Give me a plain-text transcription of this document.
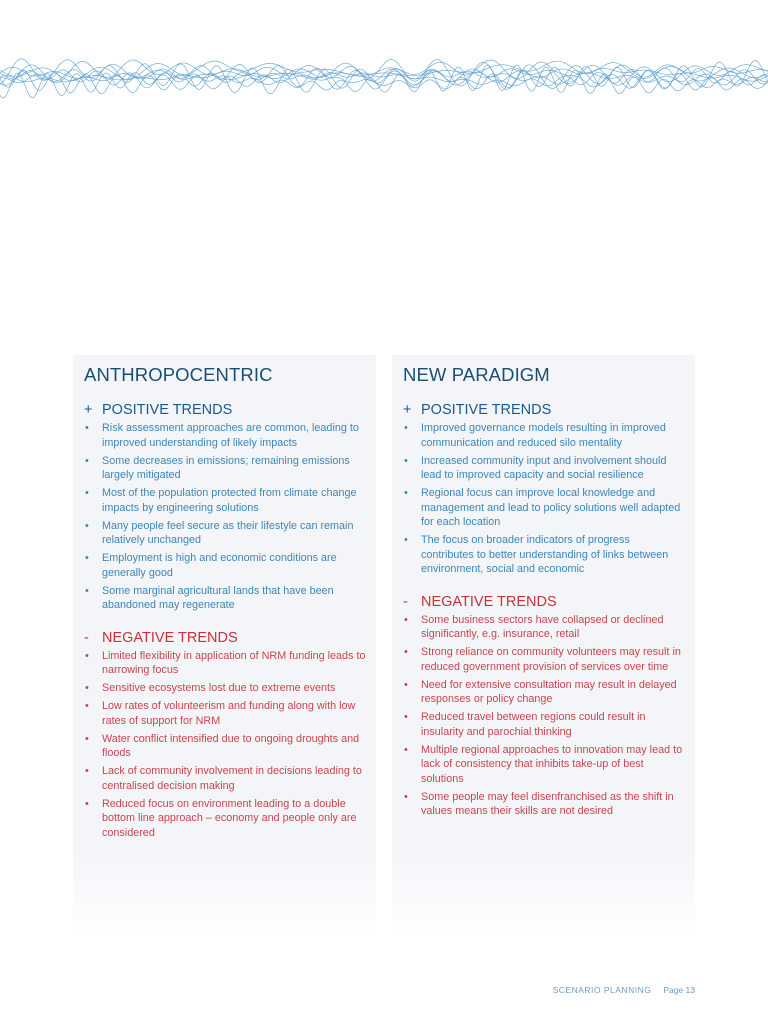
ANTHROPOCENTRIC
+ POSITIVE TRENDS
• Risk assessment approaches are common, leading to improved understanding of likely impacts
• Some decreases in emissions; remaining emissions largely mitigated
• Most of the population protected from climate change impacts by engineering solutions
• Many people feel secure as their lifestyle can remain relatively unchanged
• Employment is high and economic conditions are generally good
• Some marginal agricultural lands that have been abandoned may regenerate
- NEGATIVE TRENDS
• Limited flexibility in application of NRM funding leads to narrowing focus
• Sensitive ecosystems lost due to extreme events
• Low rates of volunteerism and funding along with low rates of support for NRM
• Water conflict intensified due to ongoing droughts and floods
• Lack of community involvement in decisions leading to centralised decision making
• Reduced focus on environment leading to a double bottom line approach – economy and people only are considered
NEW PARADIGM
+ POSITIVE TRENDS
• Improved governance models resulting in improved communication and reduced silo mentality
• Increased community input and involvement should lead to improved capacity and social resilience
• Regional focus can improve local knowledge and management and lead to policy solutions well adapted for each location
• The focus on broader indicators of progress contributes to better understanding of links between environment, social and economic
- NEGATIVE TRENDS
• Some business sectors have collapsed or declined significantly, e.g. insurance, retail
• Strong reliance on community volunteers may result in reduced government provision of services over time
• Need for extensive consultation may result in delayed responses or policy change
• Reduced travel between regions could result in insularity and parochial thinking
• Multiple regional approaches to innovation may lead to lack of consistency that inhibits take-up of best solutions
• Some people may feel disenfranchised as the shift in values means their skills are not desired
SCENARIO PLANNING Page 13
